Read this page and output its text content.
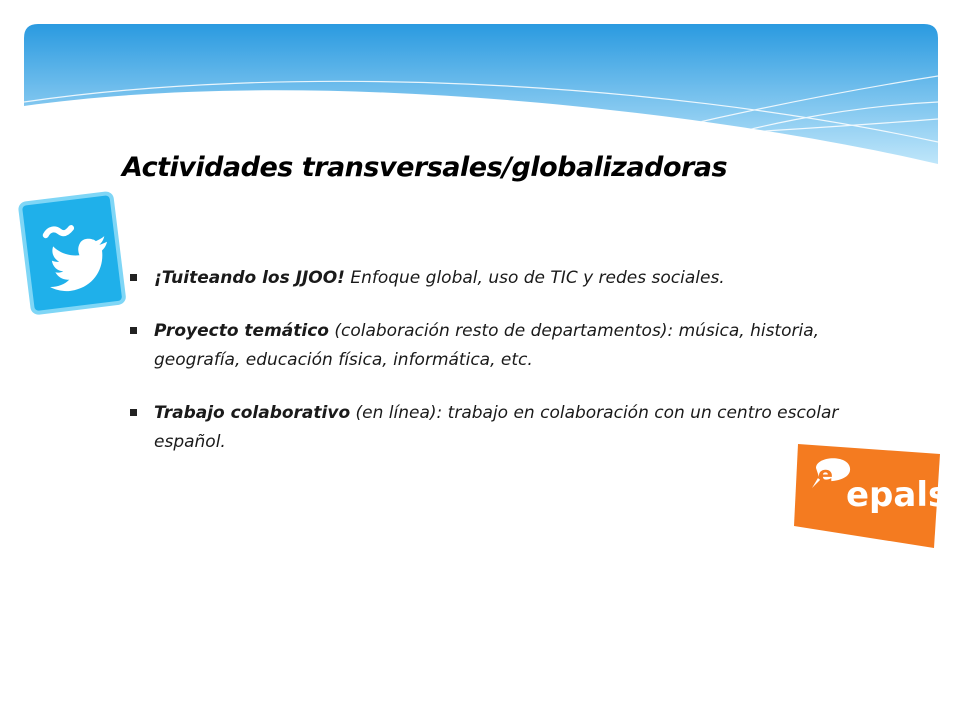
Actividades transversales/globalizadoras
¡Tuiteando los JJOO! Enfoque global, uso de TIC y redes sociales.
Proyecto temático (colaboración resto de departamentos): música, historia, geografía, educación física, informática, etc.
Trabajo colaborativo (en línea): trabajo en colaboración con un centro escolar español.
e epals
